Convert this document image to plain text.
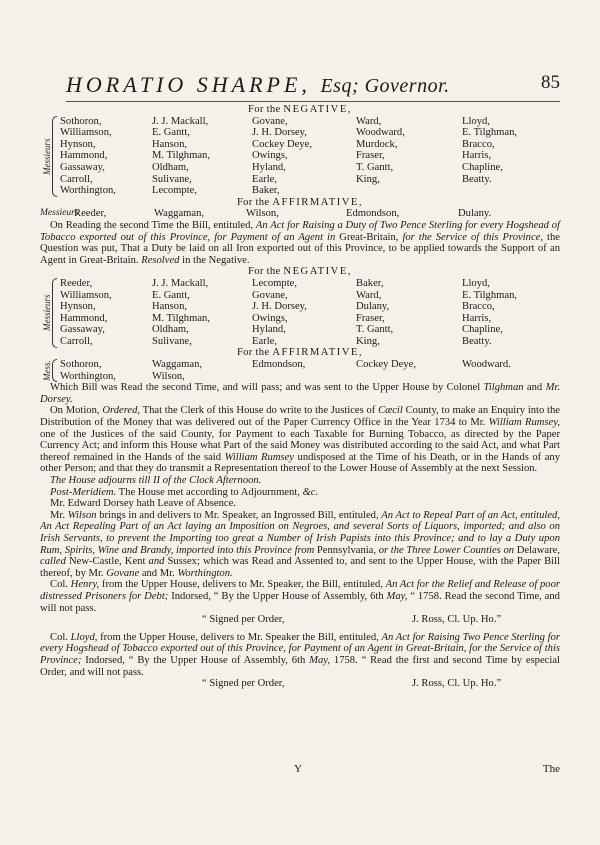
HORATIO SHARPE, Esq; Governor.	85
For the NEGATIVE,
Messieurs
Sothoron,	J. J. Mackall,	Govane,	Ward,	Lloyd,
Williamson,	E. Gantt,	J. H. Dorsey,	Woodward,	E. Tilghman,
Hynson,	Hanson,	Cockey Deye,	Murdock,	Bracco,
Hammond,	M. Tilghman,	Owings,	Fraser,	Harris,
Gassaway,	Oldham,	Hyland,	T. Gantt,	Chapline,
Carroll,	Sulivane,	Earle,	King,	Beatty.
Worthington,	Lecompte,	Baker,
For the AFFIRMATIVE,
Messieurs
Reeder,	Waggaman,	Wilson,	Edmondson,	Dulany.

On Reading the second Time the Bill, entituled, An Act for Raising a Duty of Two Pence Sterling for every Hogshead of Tobacco exported out of this Province, for Payment of an Agent in Great-Britain, for the Service of this Province, the Question was put, That a Duty be laid on all Iron exported out of this Province, to be applied towards the Support of an Agent in Great-Britain. Resolved in the Negative.

For the NEGATIVE,
Messieurs
Reeder,	J. J. Mackall,	Lecompte,	Baker,	Lloyd,
Williamson,	E. Gantt,	Govane,	Ward,	E. Tilghman,
Hynson,	Hanson,	J. H. Dorsey,	Dulany,	Bracco,
Hammond,	M. Tilghman,	Owings,	Fraser,	Harris,
Gassaway,	Oldham,	Hyland,	T. Gantt,	Chapline,
Carroll,	Sulivane,	Earle,	King,	Beatty.
For the AFFIRMATIVE,
Mess. Sothoron,	Waggaman,	Edmondson,	Cockey Deye,	Woodward.
Worthington,	Wilson,

Which Bill was Read the second Time, and will pass; and was sent to the Upper House by Colonel Tilghman and Mr. Dorsey.

On Motion, Ordered, That the Clerk of this House do write to the Justices of Cæcil County, to make an Enquiry into the Distribution of the Money that was delivered out of the Paper Currency Office in the Year 1734 to Mr. William Rumsey, one of the Justices of the said County, for Payment to each Taxable for Burning Tobacco, as directed by the Paper Currency Act; and inform this House what Part of the said Money was distributed according to the said Act, and what Part thereof remained in the Hands of the said William Rumsey undisposed at the Time of his Death, or in the Hands of any other Person; and that they do transmit a Representation thereof to the Lower House of Assembly at the next Session.

The House adjourns till II of the Clock Afternoon.

Post-Meridiem. The House met according to Adjournment, &c.

Mr. Edward Dorsey hath Leave of Absence.

Mr. Wilson brings in and delivers to Mr. Speaker, an Ingrossed Bill, entituled, An Act to Repeal Part of an Act, entituled, An Act Repealing Part of an Act laying an Imposition on Negroes, and several Sorts of Liquors, imported; and also on Irish Servants, to prevent the Importing too great a Number of Irish Papists into this Province; and to lay a Duty upon Rum, Spirits, Wine and Brandy, imported into this Province from Pennsylvania, or the Three Lower Counties on Delaware, called New-Castle, Kent and Sussex; which was Read and Assented to, and sent to the Upper House, with the Paper Bill thereof, by Mr. Govane and Mr. Worthington.

Col. Henry, from the Upper House, delivers to Mr. Speaker, the Bill, entituled, An Act for the Relief and Release of poor distressed Prisoners for Debt; Indorsed, “ By the Upper House of Assembly, 6th May, “ 1758. Read the second Time, and will not pass.

“ Signed per Order,	J. Ross, Cl. Up. Ho.”

Col. Lloyd, from the Upper House, delivers to Mr. Speaker the Bill, entituled, An Act for Raising Two Pence Sterling for every Hogshead of Tobacco exported out of this Province, for Payment of an Agent in Great-Britain, for the Service of this Province; Indorsed, “ By the Upper House of Assembly, 6th May, 1758. “ Read the first and second Time by especial Order, and will not pass.

“ Signed per Order,	J. Ross, Cl. Up. Ho.”
Y	The
